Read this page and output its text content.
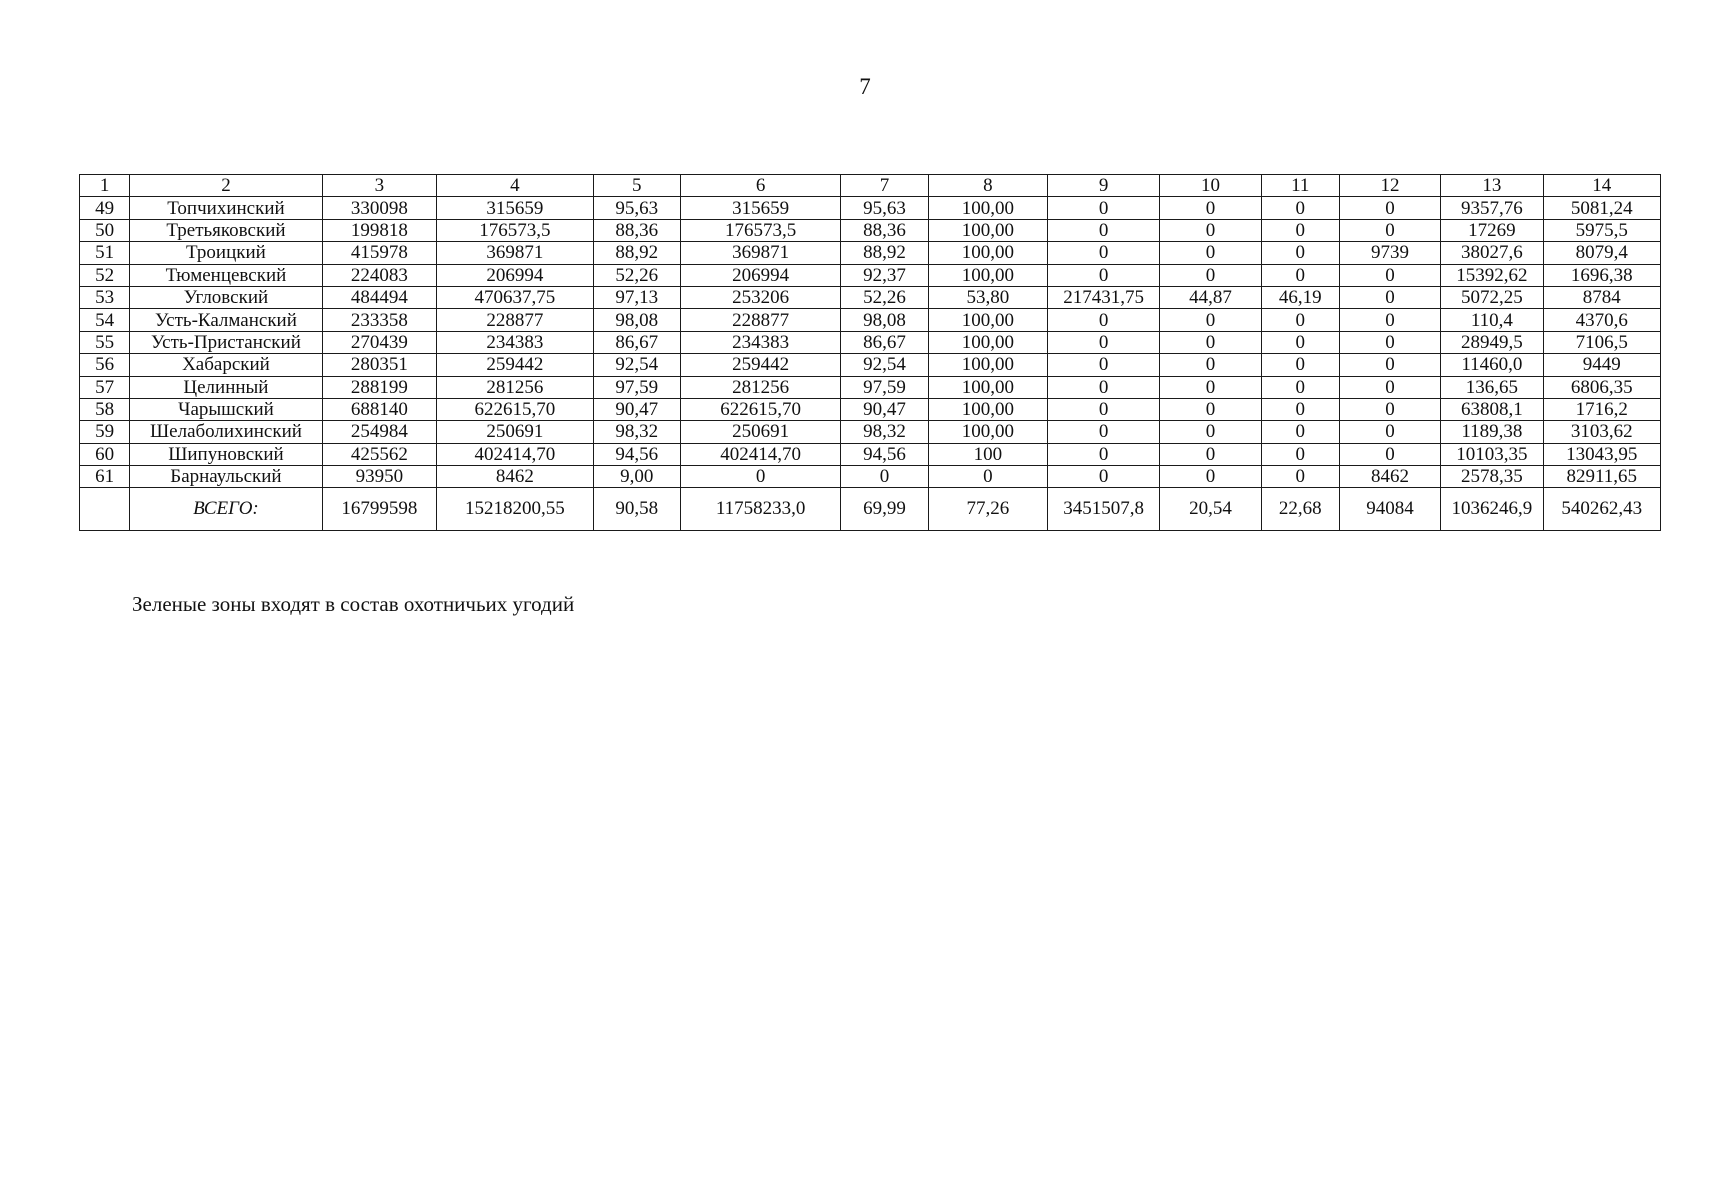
7
1	2	3	4	5	6	7	8	9	10	11	12	13	14
49	Топчихинский	330098	315659	95,63	315659	95,63	100,00	0	0	0	0	9357,76	5081,24
50	Третьяковский	199818	176573,5	88,36	176573,5	88,36	100,00	0	0	0	0	17269	5975,5
51	Троицкий	415978	369871	88,92	369871	88,92	100,00	0	0	0	9739	38027,6	8079,4
52	Тюменцевский	224083	206994	52,26	206994	92,37	100,00	0	0	0	0	15392,62	1696,38
53	Угловский	484494	470637,75	97,13	253206	52,26	53,80	217431,75	44,87	46,19	0	5072,25	8784
54	Усть-Калманский	233358	228877	98,08	228877	98,08	100,00	0	0	0	0	110,4	4370,6
55	Усть-Пристанский	270439	234383	86,67	234383	86,67	100,00	0	0	0	0	28949,5	7106,5
56	Хабарский	280351	259442	92,54	259442	92,54	100,00	0	0	0	0	11460,0	9449
57	Целинный	288199	281256	97,59	281256	97,59	100,00	0	0	0	0	136,65	6806,35
58	Чарышский	688140	622615,70	90,47	622615,70	90,47	100,00	0	0	0	0	63808,1	1716,2
59	Шелаболихинский	254984	250691	98,32	250691	98,32	100,00	0	0	0	0	1189,38	3103,62
60	Шипуновский	425562	402414,70	94,56	402414,70	94,56	100	0	0	0	0	10103,35	13043,95
61	Барнаульский	93950	8462	9,00	0	0	0	0	0	0	8462	2578,35	82911,65
	ВСЕГО:	16799598	15218200,55	90,58	11758233,0	69,99	77,26	3451507,8	20,54	22,68	94084	1036246,9	540262,43
Зеленые зоны входят в состав охотничьих угодий
